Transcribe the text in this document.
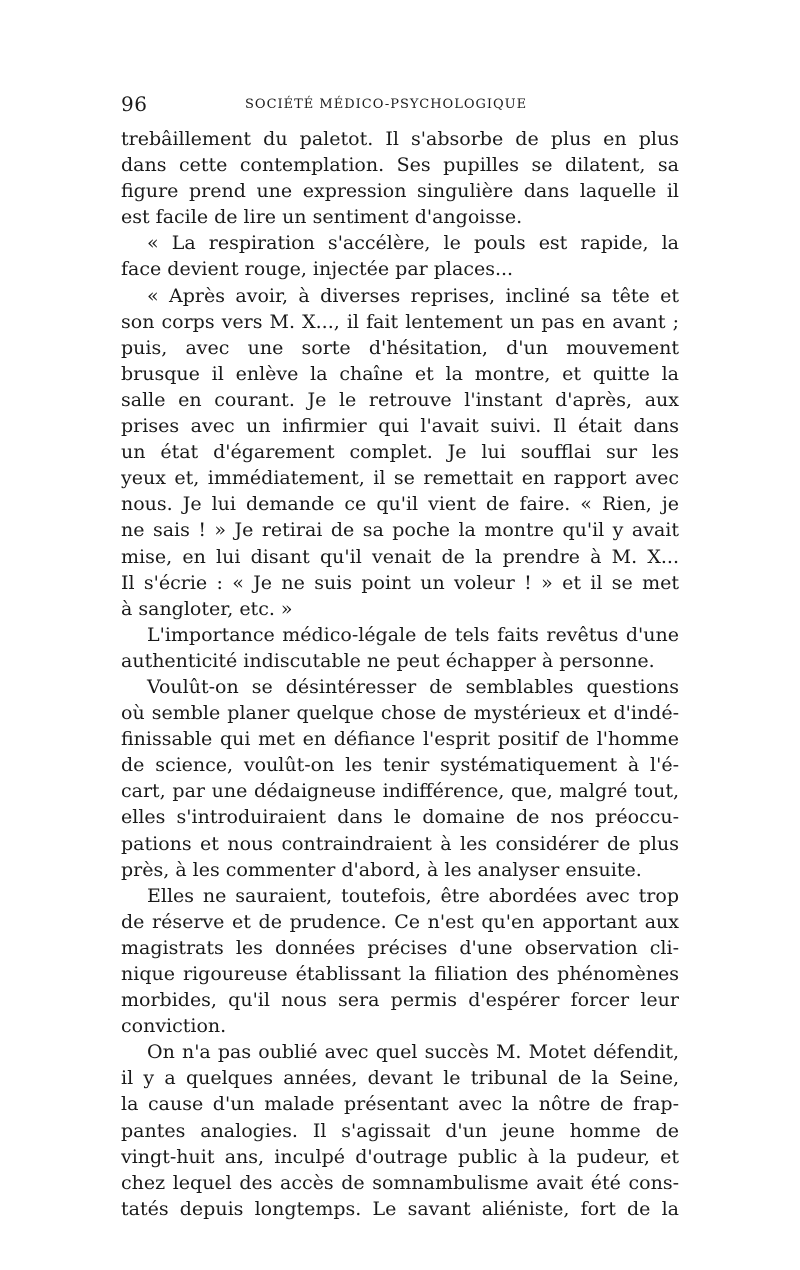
96	SOCIÉTÉ MÉDICO-PSYCHOLOGIQUE
trebâillement du paletot. Il s'absorbe de plus en plus
dans cette contemplation. Ses pupilles se dilatent, sa
figure prend une expression singulière dans laquelle il
est facile de lire un sentiment d'angoisse.
« La respiration s'accélère, le pouls est rapide, la
face devient rouge, injectée par places...
« Après avoir, à diverses reprises, incliné sa tête et
son corps vers M. X..., il fait lentement un pas en avant ;
puis, avec une sorte d'hésitation, d'un mouvement
brusque il enlève la chaîne et la montre, et quitte la
salle en courant. Je le retrouve l'instant d'après, aux
prises avec un infirmier qui l'avait suivi. Il était dans
un état d'égarement complet. Je lui soufflai sur les
yeux et, immédiatement, il se remettait en rapport avec
nous. Je lui demande ce qu'il vient de faire. « Rien, je
ne sais ! » Je retirai de sa poche la montre qu'il y avait
mise, en lui disant qu'il venait de la prendre à M. X...
Il s'écrie : « Je ne suis point un voleur ! » et il se met
à sangloter, etc. »
L'importance médico-légale de tels faits revêtus d'une
authenticité indiscutable ne peut échapper à personne.
Voulût-on se désintéresser de semblables questions
où semble planer quelque chose de mystérieux et d'indé-
finissable qui met en défiance l'esprit positif de l'homme
de science, voulût-on les tenir systématiquement à l'é-
cart, par une dédaigneuse indifférence, que, malgré tout,
elles s'introduiraient dans le domaine de nos préoccu-
pations et nous contraindraient à les considérer de plus
près, à les commenter d'abord, à les analyser ensuite.
Elles ne sauraient, toutefois, être abordées avec trop
de réserve et de prudence. Ce n'est qu'en apportant aux
magistrats les données précises d'une observation cli-
nique rigoureuse établissant la filiation des phénomènes
morbides, qu'il nous sera permis d'espérer forcer leur
conviction.
On n'a pas oublié avec quel succès M. Motet défendit,
il y a quelques années, devant le tribunal de la Seine,
la cause d'un malade présentant avec la nôtre de frap-
pantes analogies. Il s'agissait d'un jeune homme de
vingt-huit ans, inculpé d'outrage public à la pudeur, et
chez lequel des accès de somnambulisme avait été cons-
tatés depuis longtemps. Le savant aliéniste, fort de la
